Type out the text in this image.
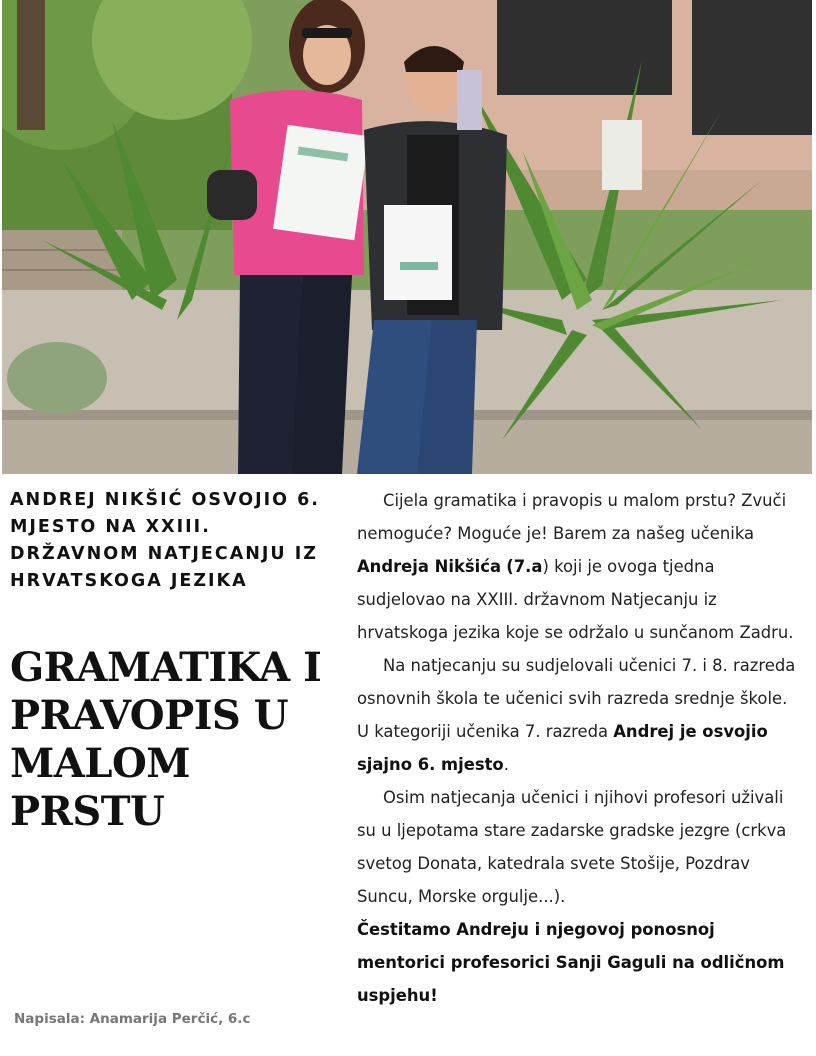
ANDREJ NIKŠIĆ OSVOJIO 6. MJESTO NA XXIII. DRŽAVNOM NATJECANJU IZ HRVATSKOGA JEZIKA
GRAMATIKA I PRAVOPIS U MALOM PRSTU

Napisala: Anamarija Perčić, 6.c

Cijela gramatika i pravopis u malom prstu? Zvuči nemoguće? Moguće je! Barem za našeg učenika Andreja Nikšića (7.a) koji je ovoga tjedna sudjelovao na XXIII. državnom Natjecanju iz hrvatskoga jezika koje se održalo u sunčanom Zadru.

Na natjecanju su sudjelovali učenici 7. i 8. razreda osnovnih škola te učenici svih razreda srednje škole. U kategoriji učenika 7. razreda Andrej je osvojio sjajno 6. mjesto.

Osim natjecanja učenici i njihovi profesori uživali su u ljepotama stare zadarske gradske jezgre (crkva svetog Donata, katedrala svete Stošije, Pozdrav Suncu, Morske orgulje...).

Čestitamo Andreju i njegovoj ponosnoj mentorici profesorici Sanji Gaguli na odličnom uspjehu!
